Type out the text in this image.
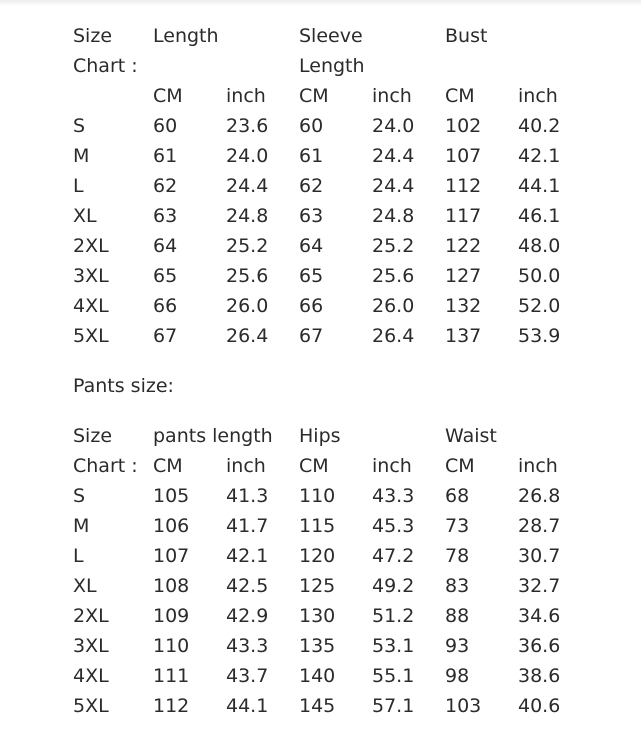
Size	Length		Sleeve		Bust	
Chart :			Length			
	CM	inch	CM	inch	CM	inch
S	60	23.6	60	24.0	102	40.2
M	61	24.0	61	24.4	107	42.1
L	62	24.4	62	24.4	112	44.1
XL	63	24.8	63	24.8	117	46.1
2XL	64	25.2	64	25.2	122	48.0
3XL	65	25.6	65	25.6	127	50.0
4XL	66	26.0	66	26.0	132	52.0
5XL	67	26.4	67	26.4	137	53.9
Pants size:
Size	pants length		Hips		Waist	
Chart :	CM	inch	CM	inch	CM	inch
S	105	41.3	110	43.3	68	26.8
M	106	41.7	115	45.3	73	28.7
L	107	42.1	120	47.2	78	30.7
XL	108	42.5	125	49.2	83	32.7
2XL	109	42.9	130	51.2	88	34.6
3XL	110	43.3	135	53.1	93	36.6
4XL	111	43.7	140	55.1	98	38.6
5XL	112	44.1	145	57.1	103	40.6
